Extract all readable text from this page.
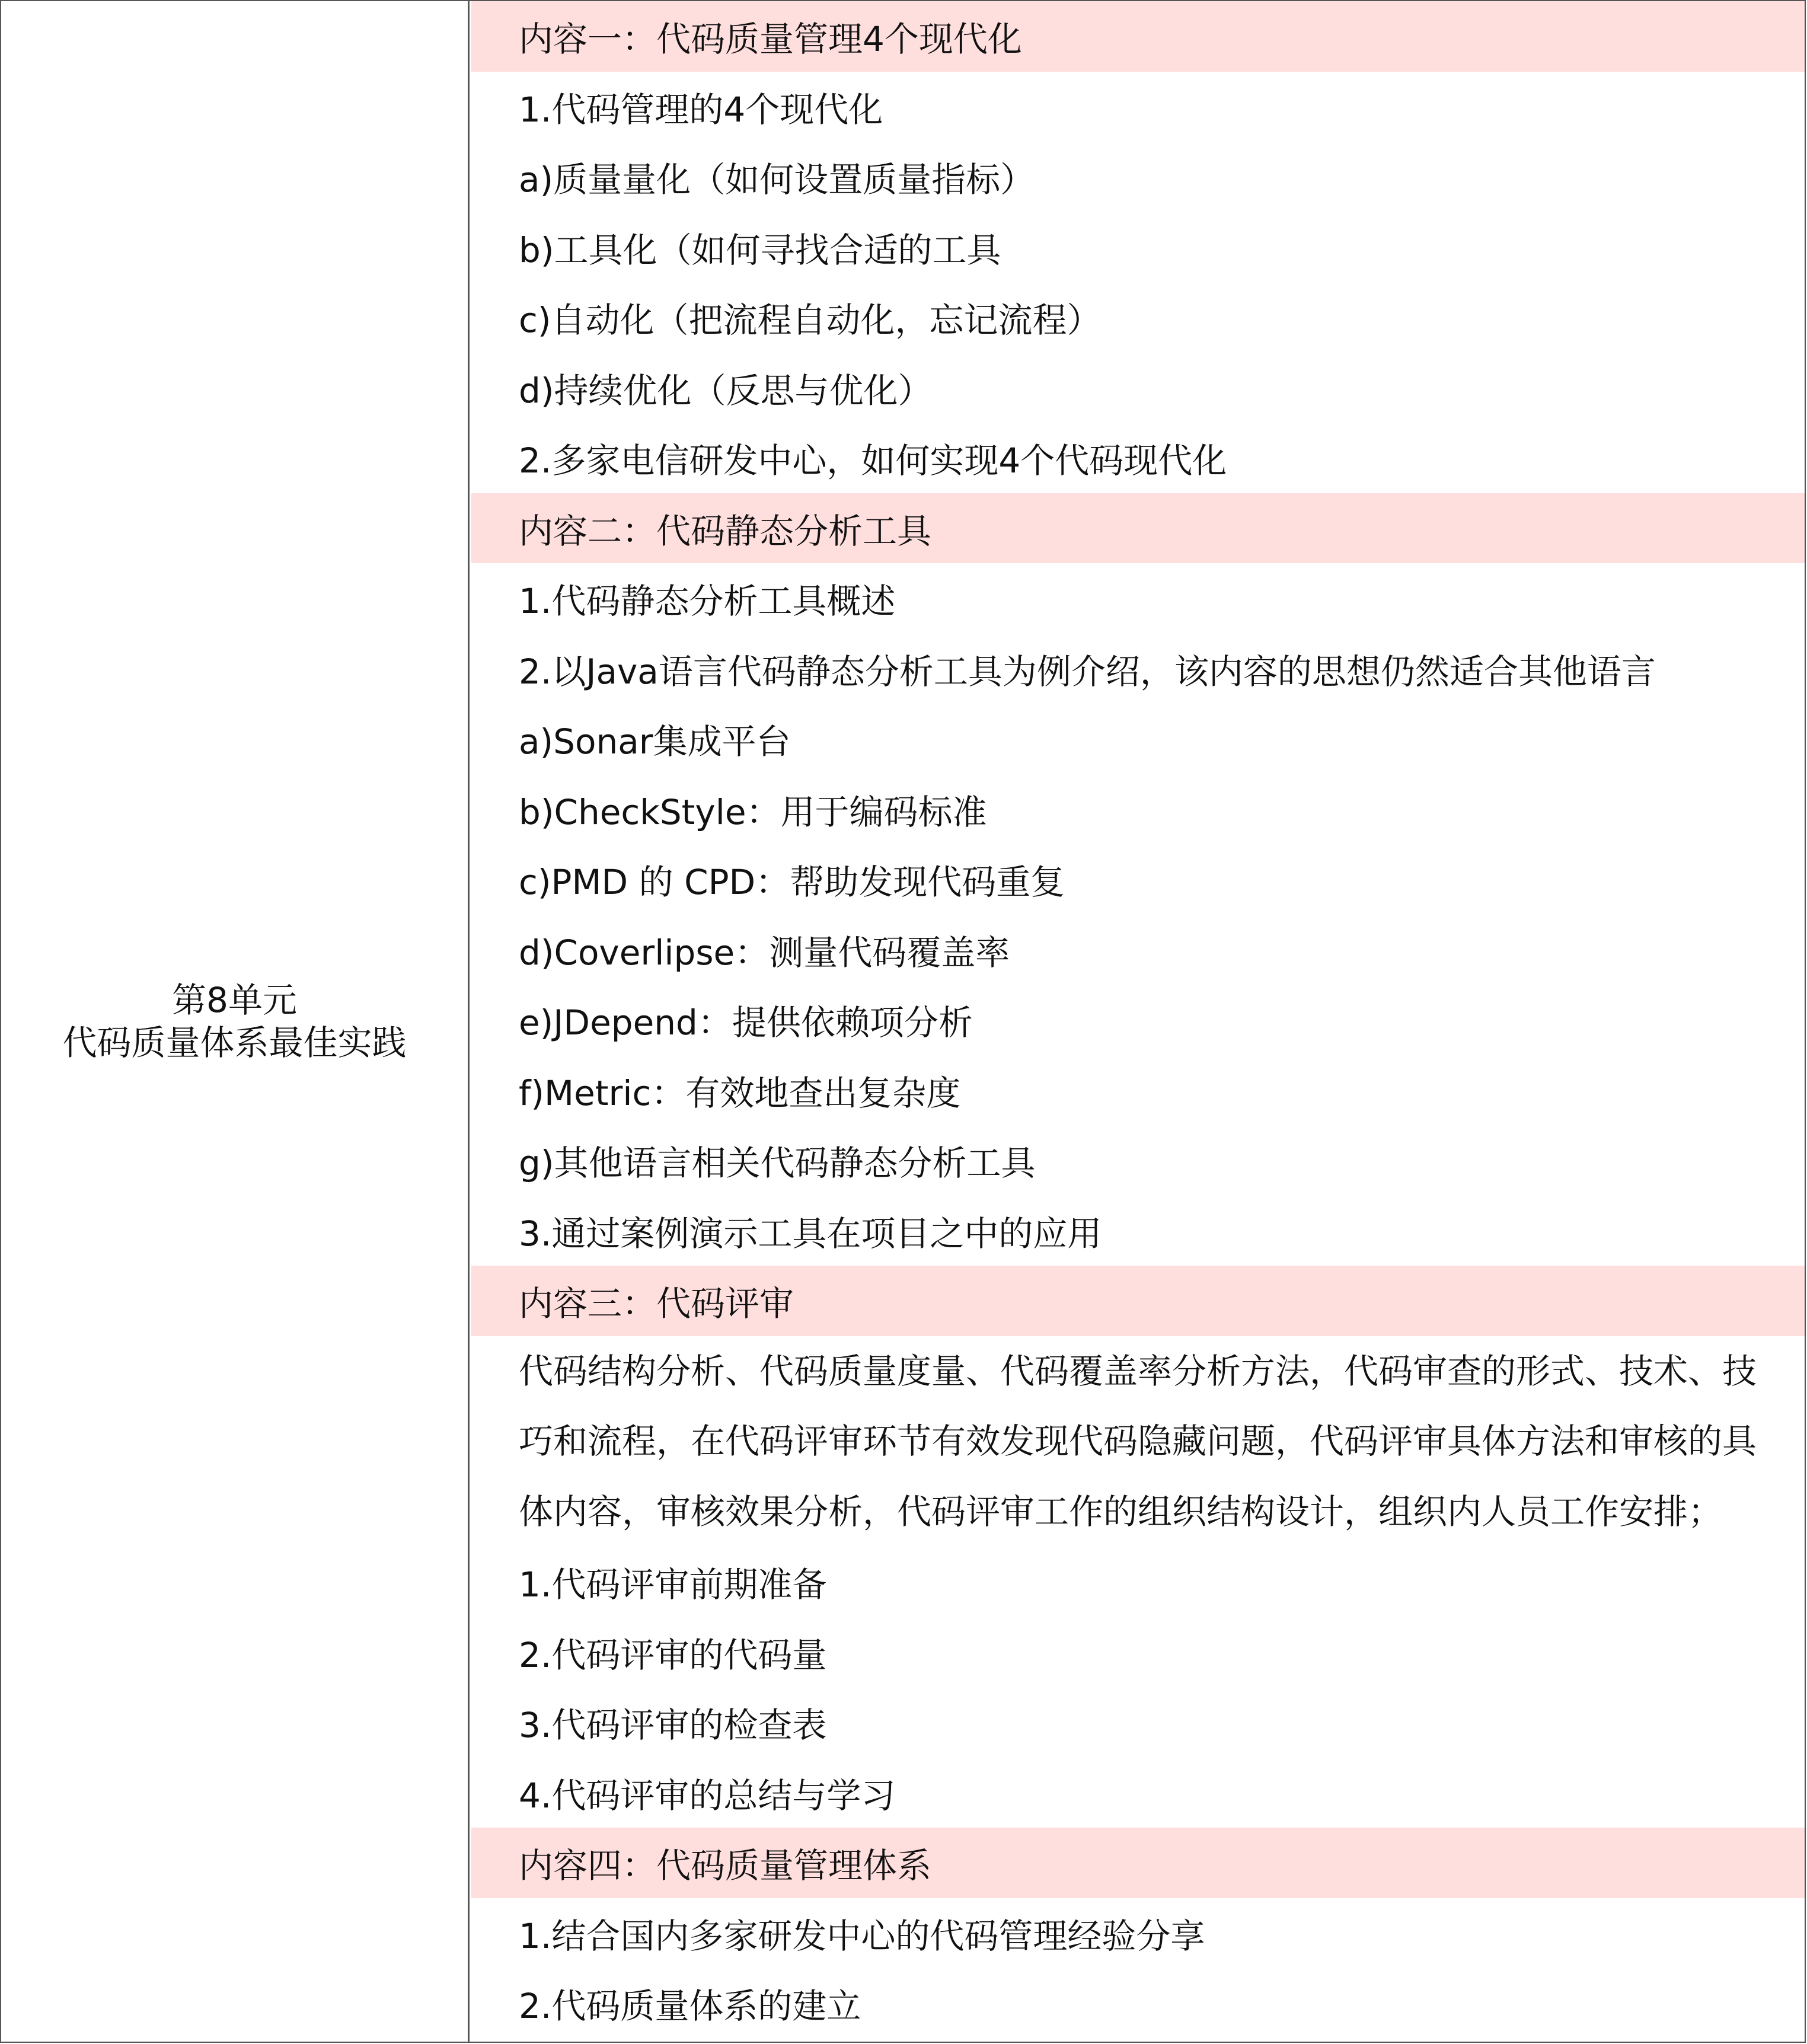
第8单元
代码质量体系最佳实践
内容一：代码质量管理4个现代化
1.代码管理的4个现代化
a)质量量化（如何设置质量指标）
b)工具化（如何寻找合适的工具
c)自动化（把流程自动化，忘记流程）
d)持续优化（反思与优化）
2.多家电信研发中心，如何实现4个代码现代化
内容二：代码静态分析工具
1.代码静态分析工具概述
2.以Java语言代码静态分析工具为例介绍，该内容的思想仍然适合其他语言
a)Sonar集成平台
b)CheckStyle：用于编码标准
c)PMD 的 CPD：帮助发现代码重复
d)Coverlipse：测量代码覆盖率
e)JDepend：提供依赖项分析
f)Metric：有效地查出复杂度
g)其他语言相关代码静态分析工具
3.通过案例演示工具在项目之中的应用
内容三：代码评审
代码结构分析、代码质量度量、代码覆盖率分析方法，代码审查的形式、技术、技
巧和流程，在代码评审环节有效发现代码隐藏问题，代码评审具体方法和审核的具
体内容，审核效果分析，代码评审工作的组织结构设计，组织内人员工作安排；
1.代码评审前期准备
2.代码评审的代码量
3.代码评审的检查表
4.代码评审的总结与学习
内容四：代码质量管理体系
1.结合国内多家研发中心的代码管理经验分享
2.代码质量体系的建立
